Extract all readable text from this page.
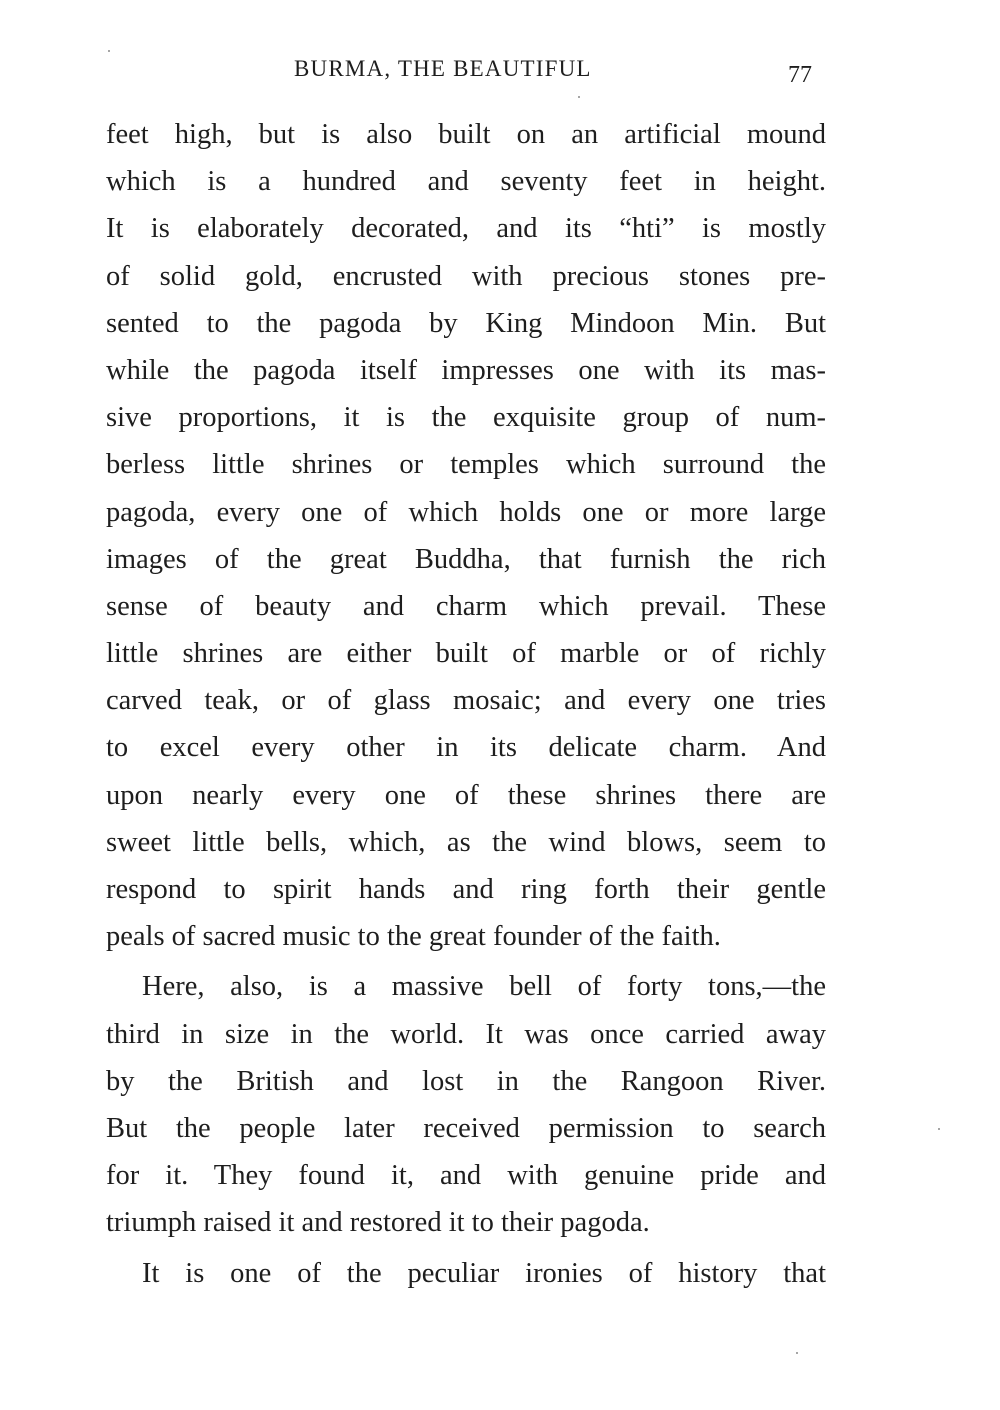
BURMA, THE BEAUTIFUL	77
feet high, but is also built on an artificial mound
which is a hundred and seventy feet in height.
It is elaborately decorated, and its “hti” is mostly
of solid gold, encrusted with precious stones pre-
sented to the pagoda by King Mindoon Min. But
while the pagoda itself impresses one with its mas-
sive proportions, it is the exquisite group of num-
berless little shrines or temples which surround the
pagoda, every one of which holds one or more large
images of the great Buddha, that furnish the rich
sense of beauty and charm which prevail. These
little shrines are either built of marble or of richly
carved teak, or of glass mosaic; and every one tries
to excel every other in its delicate charm. And
upon nearly every one of these shrines there are
sweet little bells, which, as the wind blows, seem to
respond to spirit hands and ring forth their gentle
peals of sacred music to the great founder of the faith.
Here, also, is a massive bell of forty tons,—the
third in size in the world. It was once carried away
by the British and lost in the Rangoon River.
But the people later received permission to search
for it. They found it, and with genuine pride and
triumph raised it and restored it to their pagoda.
It is one of the peculiar ironies of history that
